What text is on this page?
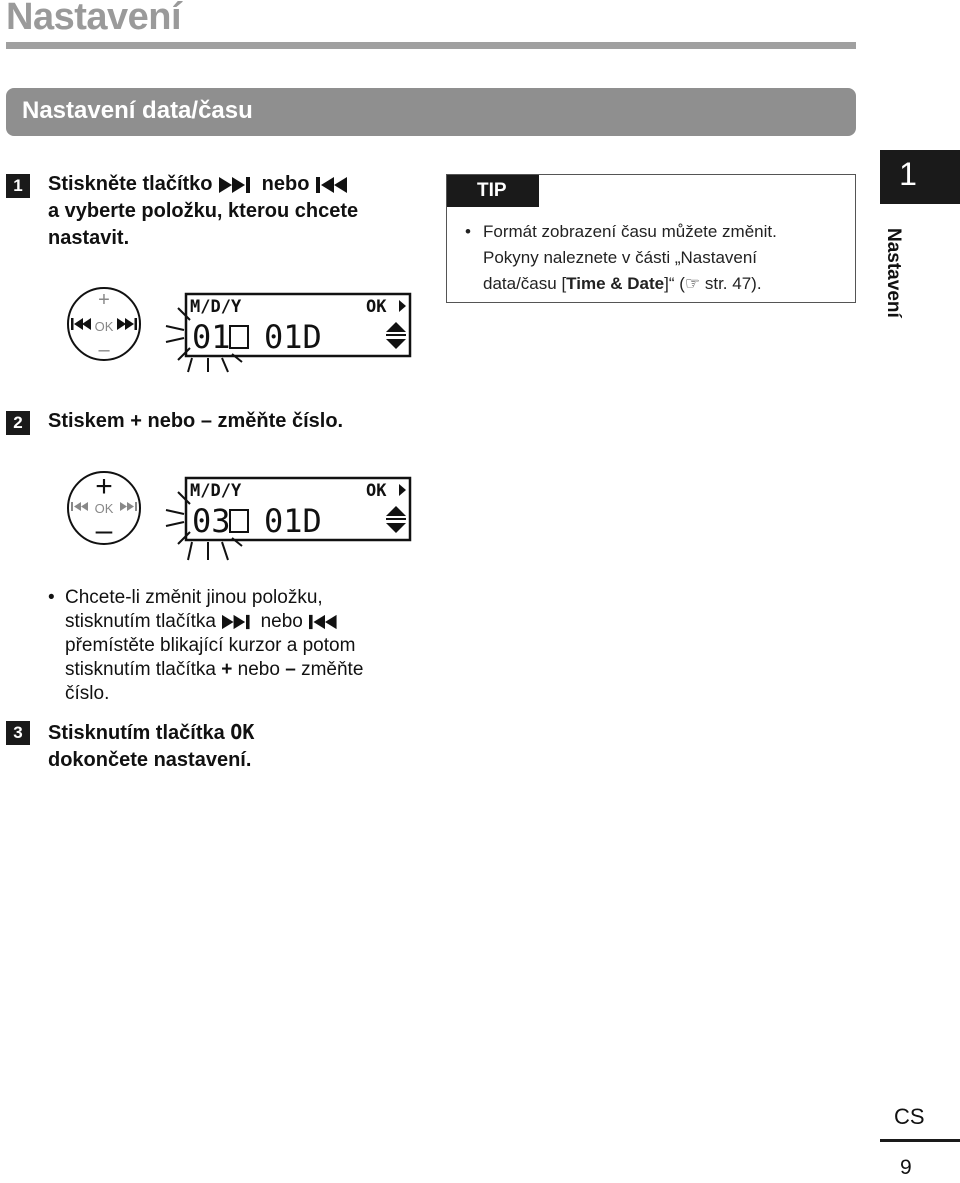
Nastavení
Nastavení data/času
1
Nastavení
1	Stiskněte tlačítko nebo
a vyberte položku, kterou chcete
nastavit.
+
OK
–
M/D/Y	OK
01 01D
TIP
• Formát zobrazení času můžete změnit.
Pokyny naleznete v části „Nastavení
data/času [Time & Date]“ (☞ str. 47).
2	Stiskem + nebo – změňte číslo.
+
OK
–
M/D/Y	OK
03 01D
• Chcete-li změnit jinou položku,
stisknutím tlačítka nebo
přemístěte blikající kurzor a potom
stisknutím tlačítka + nebo – změňte
číslo.
3	Stisknutím tlačítka OK
dokončete nastavení.
CS
9
